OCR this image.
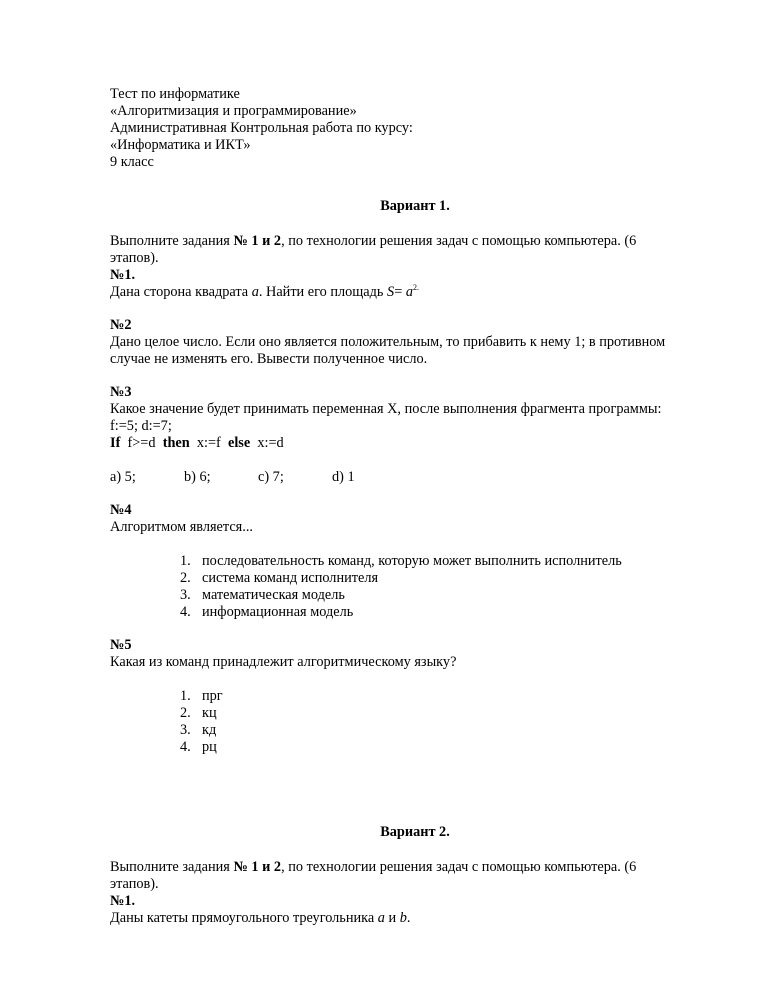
Тест по информатике
«Алгоритмизация и программирование»
Административная Контрольная работа по курсу:
«Информатика и ИКТ»
9 класс
Вариант 1.
Выполните задания № 1 и 2, по технологии решения задач с помощью компьютера. (6
этапов).
№1.
Дана сторона квадрата a. Найти его площадь $S= a^{2.}$
№2
Дано целое число. Если оно является положительным, то прибавить к нему 1; в противном
случае не изменять его. Вывести полученное число.
№3
Какое значение будет принимать переменная X, после выполнения фрагмента программы:
f:=5; d:=7;
If f>=d then x:=f else x:=d
a) 5;	b) 6;	c) 7;	d) 1
№4
Алгоритмом является...
1. последовательность команд, которую может выполнить исполнитель
2. система команд исполнителя
3. математическая модель
4. информационная модель
№5
Какая из команд принадлежит алгоритмическому языку?
1. прг
2. кц
3. кд
4. рц
Вариант 2.
Выполните задания № 1 и 2, по технологии решения задач с помощью компьютера. (6
этапов).
№1.
Даны катеты прямоугольного треугольника a и b.
